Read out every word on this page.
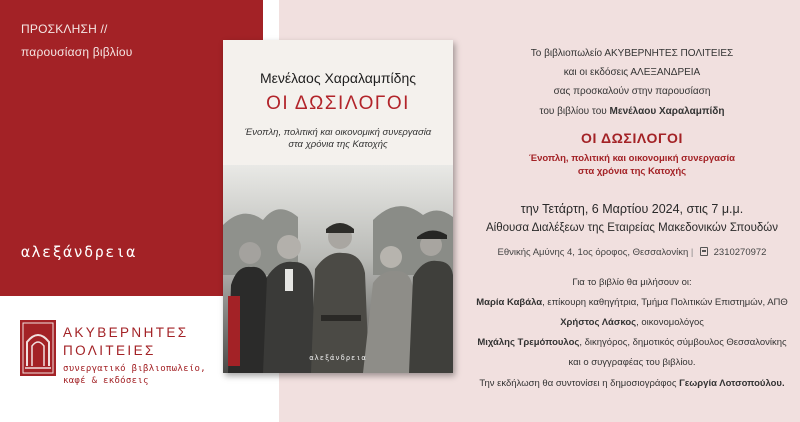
ΠΡΟΣΚΛΗΣΗ //
παρουσίαση βιβλίου
αλεξάνδρεια
Μενέλαος Χαραλαμπίδης
ΟΙ ΔΩΣΙΛΟΓΟΙ
Ένοπλη, πολιτική και οικονομική συνεργασία
στα χρόνια της Κατοχής
αλεξάνδρεια
ΑΚΥΒΕΡΝΗΤΕΣ
ΠΟΛΙΤΕΙΕΣ
συνεργατικό βιβλιοπωλείο,
καφέ & εκδόσεις
Το βιβλιοπωλείο ΑΚΥΒΕΡΝΗΤΕΣ ΠΟΛΙΤΕΙΕΣ
και οι εκδόσεις ΑΛΕΞΑΝΔΡΕΙΑ
σας προσκαλούν στην παρουσίαση
του βιβλίου του Μενέλαου Χαραλαμπίδη
ΟΙ ΔΩΣΙΛΟΓΟΙ
Ένοπλη, πολιτική και οικονομική συνεργασία
στα χρόνια της Κατοχής
την Τετάρτη, 6 Μαρτίου 2024, στις 7 μ.μ.
Αίθουσα Διαλέξεων της Εταιρείας Μακεδονικών Σπουδών
Εθνικής Αμύνης 4, 1ος όροφος, Θεσσαλονίκη | 2310270972
Για το βιβλίο θα μιλήσουν οι:
Μαρία Καβάλα, επίκουρη καθηγήτρια, Τμήμα Πολιτικών Επιστημών, ΑΠΘ
Χρήστος Λάσκος, οικονομολόγος
Μιχάλης Τρεμόπουλος, δικηγόρος, δημοτικός σύμβουλος Θεσσαλονίκης
και ο συγγραφέας του βιβλίου.
Την εκδήλωση θα συντονίσει η δημοσιογράφος Γεωργία Λοτσοπούλου.
